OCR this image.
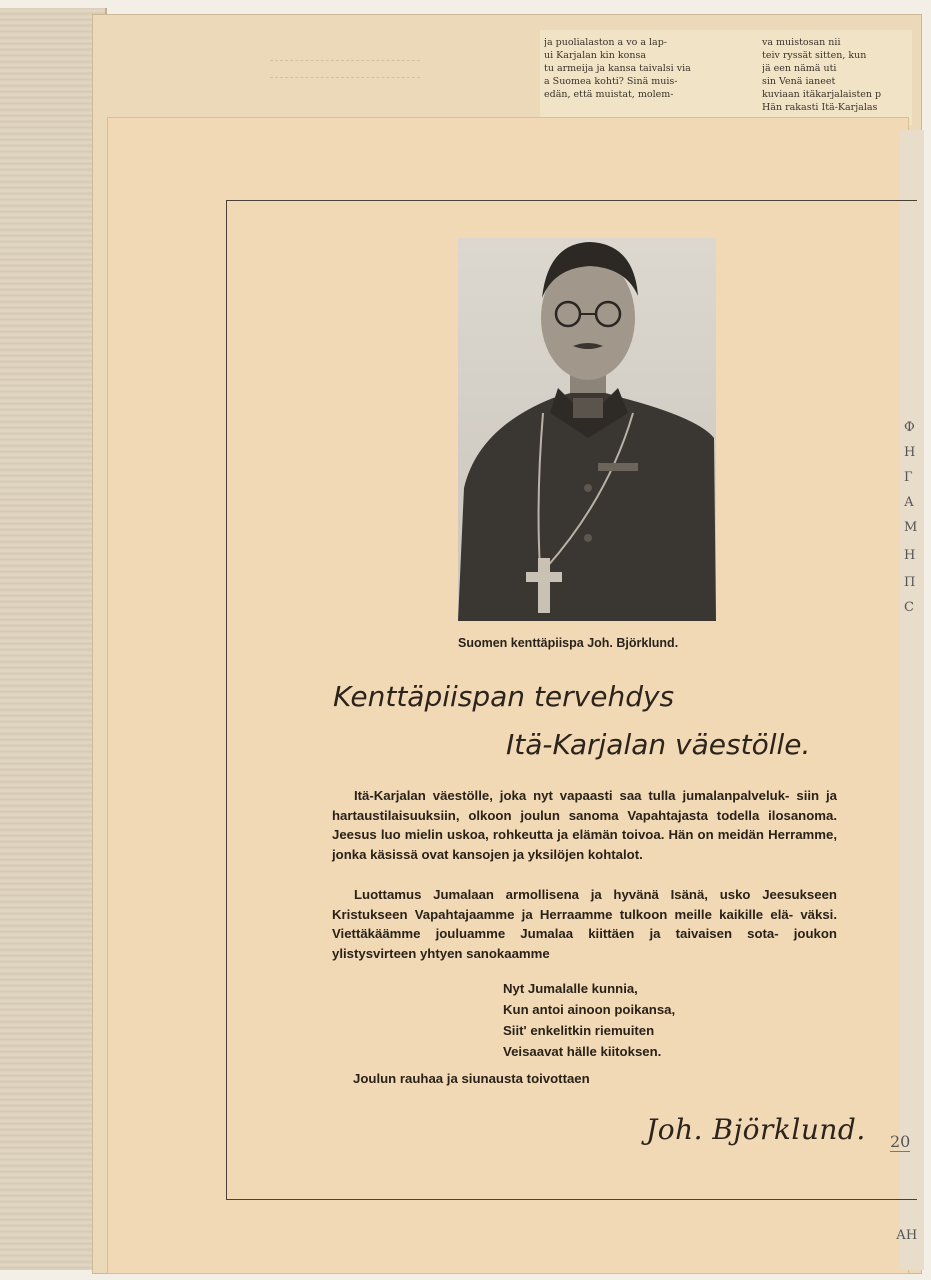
ja puolialaston a vo a lap-
ui Karjalan kin konsa
tu armeija ja kansa taivalsi via
a Suomea kohti? Sinä muis-
edän, että muistat, molem-
va muistosan nii
teiv ryssät sitten, kun
jä een nämä uti
sin Venä ianeet
kuviaan itäkarjalaisten p
Hän rakasti Itä-Karjalas
Ф
Н
Г
А
М
Н
П
С
Suomen kenttäpiispa Joh. Björklund.
Kenttäpiispan tervehdys
Itä-Karjalan väestölle.
Itä-Karjalan väestölle, joka nyt vapaasti saa tulla jumalanpalveluk- siin ja hartaustilaisuuksiin, olkoon joulun sanoma Vapahtajasta todella ilosanoma. Jeesus luo mielin uskoa, rohkeutta ja elämän toivoa. Hän on meidän Herramme, jonka käsissä ovat kansojen ja yksilöjen kohtalot.
Luottamus Jumalaan armollisena ja hyvänä Isänä, usko Jeesukseen Kristukseen Vapahtajaamme ja Herraamme tulkoon meille kaikille elä- väksi. Viettäkäämme jouluamme Jumalaa kiittäen ja taivaisen sota- joukon ylistysvirteen yhtyen sanokaamme
Nyt Jumalalle kunnia,
Kun antoi ainoon poikansa,
Siit' enkelitkin riemuiten
Veisaavat hälle kiitoksen.
Joulun rauhaa ja siunausta toivottaen
Joh. Björklund. 20
АН
